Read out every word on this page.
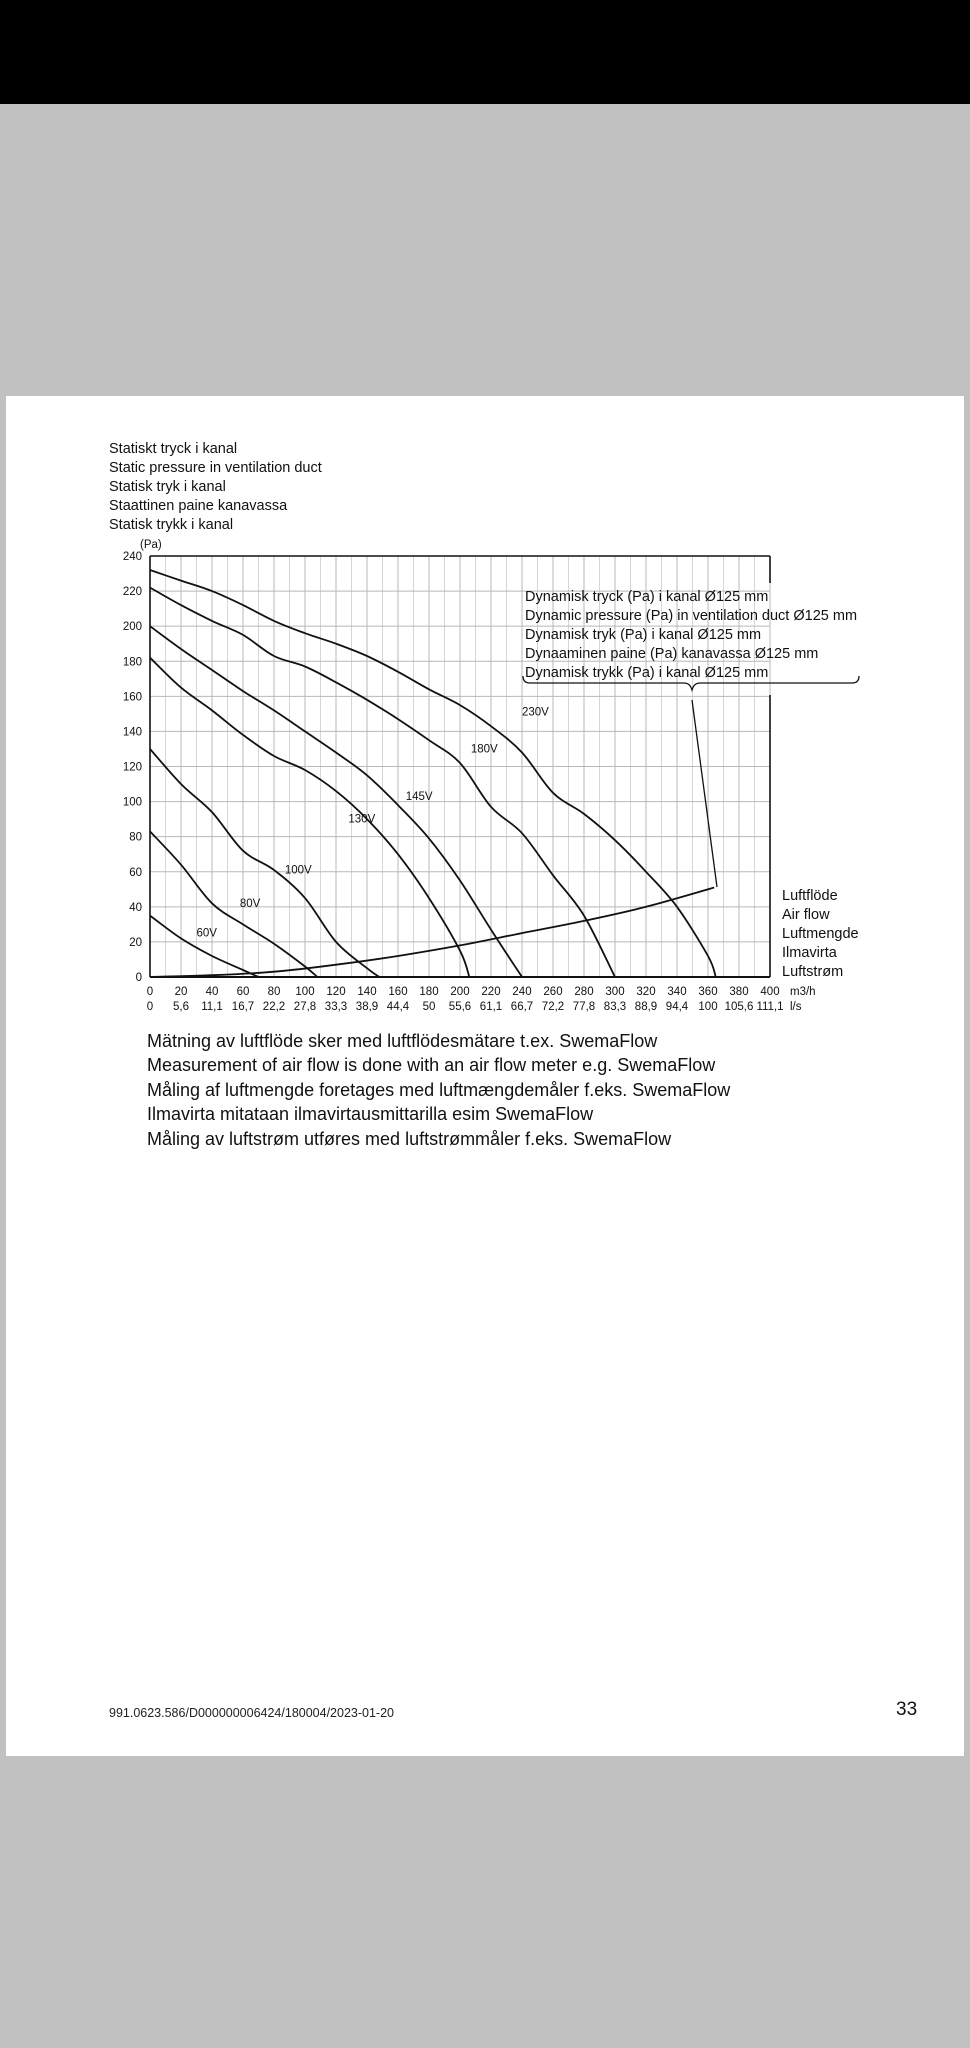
Statiskt tryck i kanal
Static pressure in ventilation duct
Statisk tryk i kanal
Staattinen paine kanavassa
Statisk trykk i kanal
0
20
40
60
80
100
120
140
160
180
200
220
240
(Pa)
0
0
20
5,6
40
11,1
60
16,7
80
22,2
100
27,8
120
33,3
140
38,9
160
44,4
180
50
200
55,6
220
61,1
240
66,7
260
72,2
280
77,8
300
83,3
320
88,9
340
94,4
360
100
380
105,6
400
111,1
m3/h
l/s
Luftflöde
Air flow
Luftmengde
Ilmavirta
Luftstrøm
230V
180V
145V
130V
100V
80V
60V
Dynamisk tryck (Pa) i kanal Ø125 mm
Dynamic pressure (Pa) in ventilation duct Ø125 mm
Dynamisk tryk (Pa) i kanal Ø125 mm
Dynaaminen paine (Pa) kanavassa Ø125 mm
Dynamisk trykk (Pa) i kanal Ø125 mm
Mätning av luftflöde sker med luftflödesmätare t.ex. SwemaFlow
Measurement of air flow is done with an air flow meter e.g. SwemaFlow
Måling af luftmengde foretages med luftmængdemåler f.eks. SwemaFlow
Ilmavirta mitataan ilmavirtausmittarilla esim SwemaFlow
Måling av luftstrøm utføres med luftstrømmåler f.eks. SwemaFlow
991.0623.586/D000000006424/180004/2023-01-20	33
